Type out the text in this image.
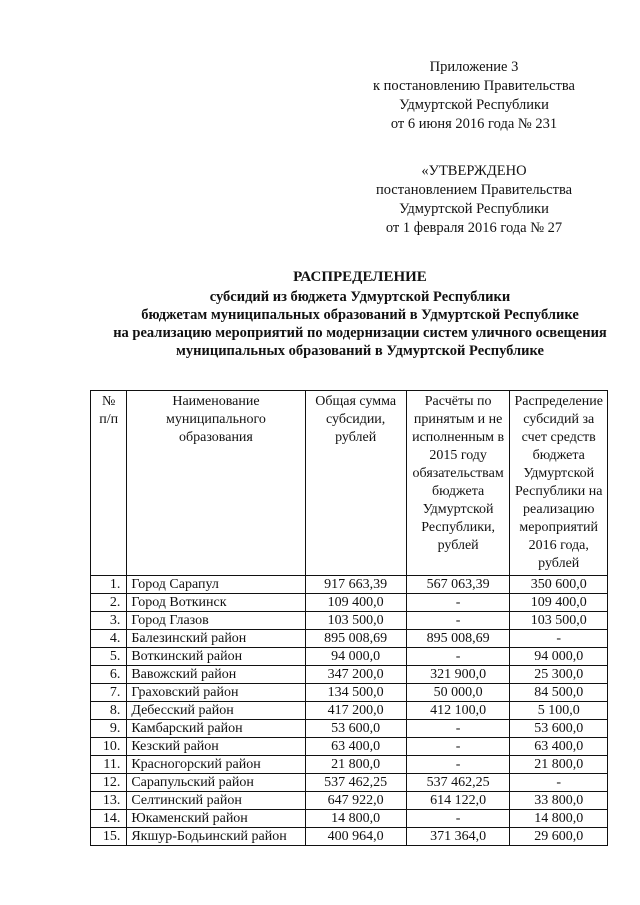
Приложение 3
к постановлению Правительства
Удмуртской Республики
от 6 июня 2016 года № 231
«УТВЕРЖДЕНО
постановлением Правительства
Удмуртской Республики
от 1 февраля 2016 года № 27
РАСПРЕДЕЛЕНИЕ
субсидий из бюджета Удмуртской Республики
бюджетам муниципальных образований в Удмуртской Республике
на реализацию мероприятий по модернизации систем уличного освещения
муниципальных образований в Удмуртской Республике
№ п/п	Наименование муниципального образования	Общая сумма субсидии, рублей	Расчёты по принятым и не исполненным в 2015 году обязательствам бюджета Удмуртской Республики, рублей	Распределение субсидий за счет средств бюджета Удмуртской Республики на реализацию мероприятий 2016 года, рублей
1.	Город Сарапул	917 663,39	567 063,39	350 600,0
2.	Город Воткинск	109 400,0	-	109 400,0
3.	Город Глазов	103 500,0	-	103 500,0
4.	Балезинский район	895 008,69	895 008,69	-
5.	Воткинский район	94 000,0	-	94 000,0
6.	Вавожский район	347 200,0	321 900,0	25 300,0
7.	Граховский район	134 500,0	50 000,0	84 500,0
8.	Дебесский район	417 200,0	412 100,0	5 100,0
9.	Камбарский район	53 600,0	-	53 600,0
10.	Кезский район	63 400,0	-	63 400,0
11.	Красногорский район	21 800,0	-	21 800,0
12.	Сарапульский район	537 462,25	537 462,25	-
13.	Селтинский район	647 922,0	614 122,0	33 800,0
14.	Юкаменский район	14 800,0	-	14 800,0
15.	Якшур-Бодьинский район	400 964,0	371 364,0	29 600,0
